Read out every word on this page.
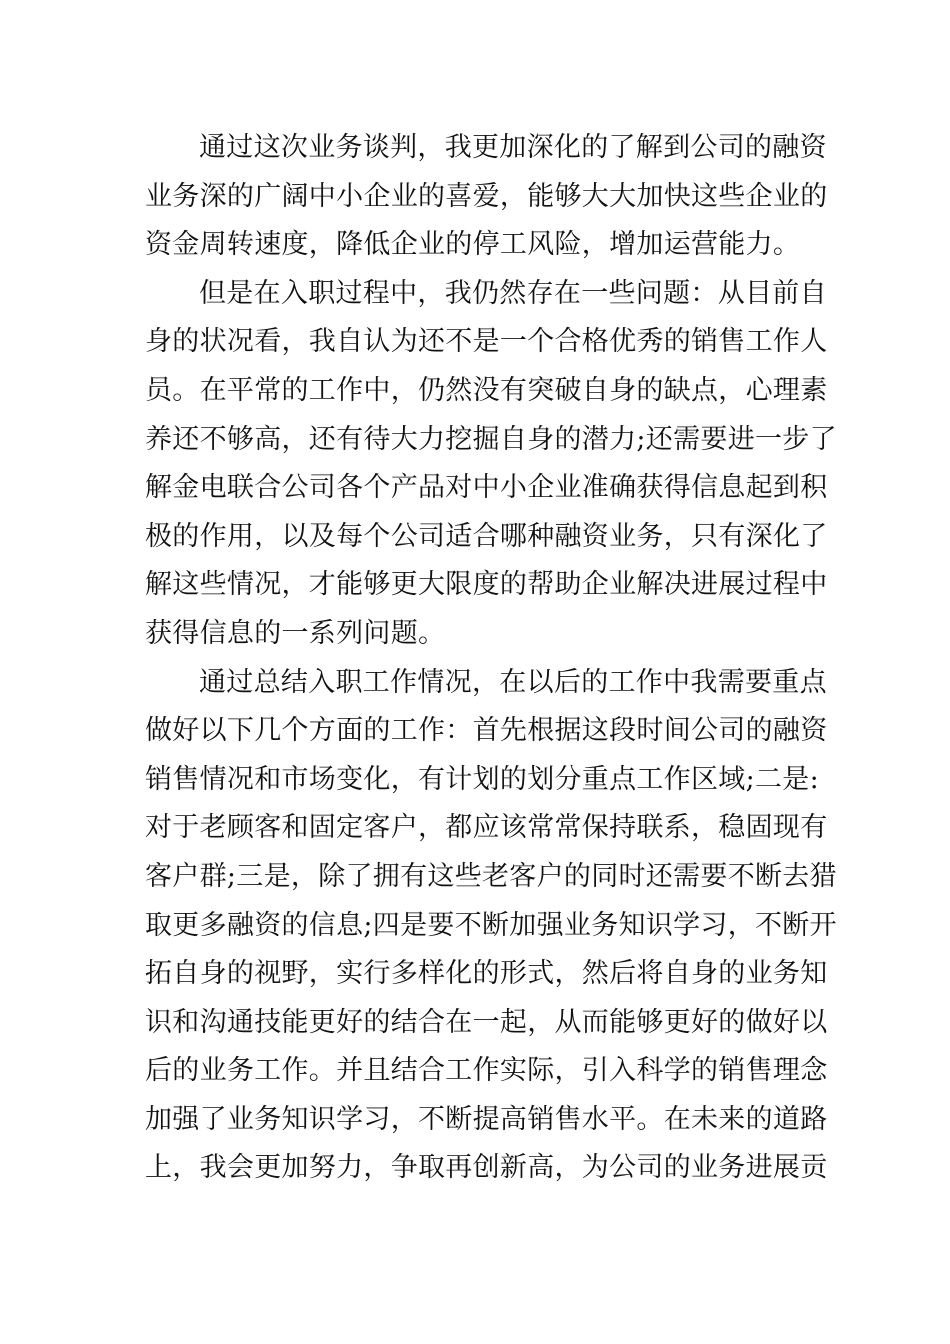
通过这次业务谈判，我更加深化的了解到公司的融资
业务深的广阔中小企业的喜爱，能够大大加快这些企业的
资金周转速度，降低企业的停工风险，增加运营能力。
但是在入职过程中，我仍然存在一些问题：从目前自
身的状况看，我自认为还不是一个合格优秀的销售工作人
员。在平常的工作中，仍然没有突破自身的缺点，心理素
养还不够高，还有待大力挖掘自身的潜力;还需要进一步了
解金电联合公司各个产品对中小企业准确获得信息起到积
极的作用，以及每个公司适合哪种融资业务，只有深化了
解这些情况，才能够更大限度的帮助企业解决进展过程中
获得信息的一系列问题。
通过总结入职工作情况，在以后的工作中我需要重点
做好以下几个方面的工作：首先根据这段时间公司的融资
销售情况和市场变化，有计划的划分重点工作区域;二是:
对于老顾客和固定客户，都应该常常保持联系，稳固现有
客户群;三是，除了拥有这些老客户的同时还需要不断去猎
取更多融资的信息;四是要不断加强业务知识学习，不断开
拓自身的视野，实行多样化的形式，然后将自身的业务知
识和沟通技能更好的结合在一起，从而能够更好的做好以
后的业务工作。并且结合工作实际，引入科学的销售理念
加强了业务知识学习，不断提高销售水平。在未来的道路
上，我会更加努力，争取再创新高，为公司的业务进展贡
